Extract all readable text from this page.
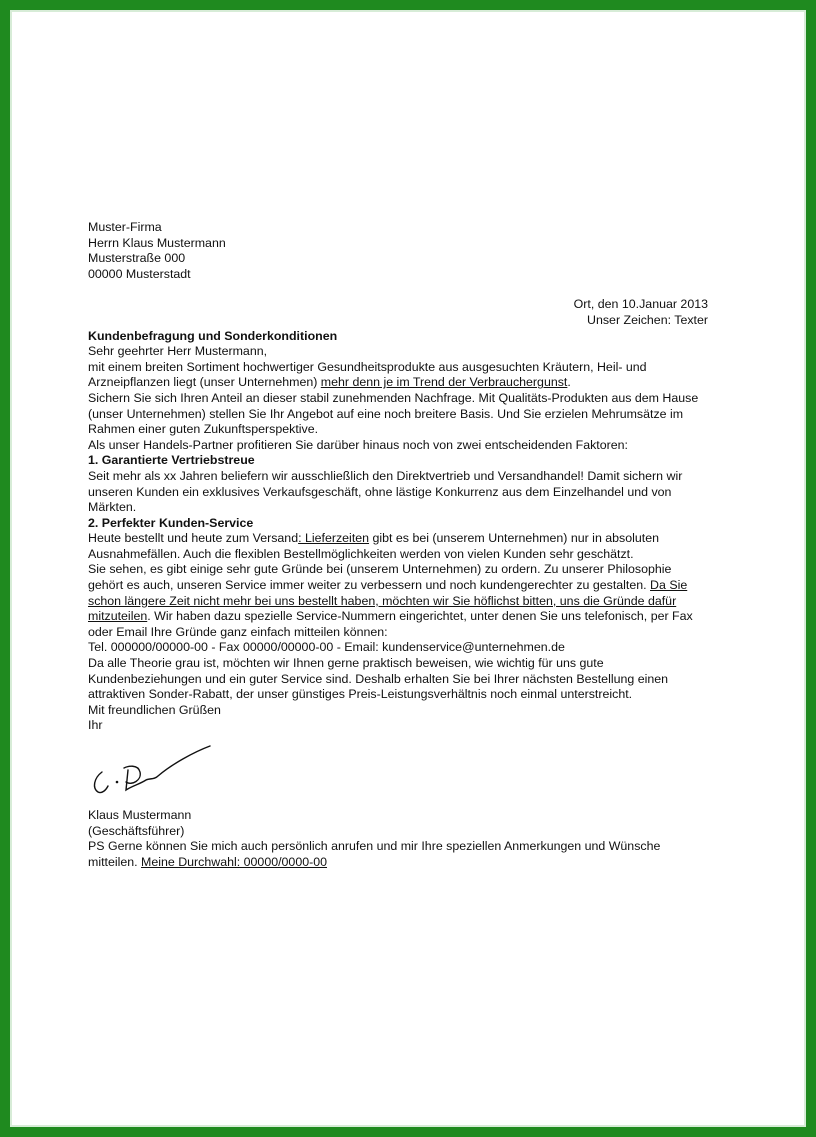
Muster-Firma

Herrn Klaus Mustermann

Musterstraße 000

00000 Musterstadt

Ort, den 10.Januar 2013

Unser Zeichen: Texter

Kundenbefragung und Sonderkonditionen

Sehr geehrter Herr Mustermann,

mit einem breiten Sortiment hochwertiger Gesundheitsprodukte aus ausgesuchten Kräutern, Heil- und Arzneipflanzen liegt (unser Unternehmen) mehr denn je im Trend der Verbrauchergunst.

Sichern Sie sich Ihren Anteil an dieser stabil zunehmenden Nachfrage. Mit Qualitäts-Produkten aus dem Hause (unser Unternehmen) stellen Sie Ihr Angebot auf eine noch breitere Basis. Und Sie erzielen Mehrumsätze im Rahmen einer guten Zukunftsperspektive.

Als unser Handels-Partner profitieren Sie darüber hinaus noch von zwei entscheidenden Faktoren:

1. Garantierte Vertriebstreue

Seit mehr als xx Jahren beliefern wir ausschließlich den Direktvertrieb und Versandhandel! Damit sichern wir unseren Kunden ein exklusives Verkaufsgeschäft, ohne lästige Konkurrenz aus dem Einzelhandel und von Märkten.

2. Perfekter Kunden-Service

Heute bestellt und heute zum Versand: Lieferzeiten gibt es bei (unserem Unternehmen) nur in absoluten Ausnahmefällen. Auch die flexiblen Bestellmöglichkeiten werden von vielen Kunden sehr geschätzt.

Sie sehen, es gibt einige sehr gute Gründe bei (unserem Unternehmen) zu ordern. Zu unserer Philosophie gehört es auch, unseren Service immer weiter zu verbessern und noch kundengerechter zu gestalten. Da Sie schon längere Zeit nicht mehr bei uns bestellt haben, möchten wir Sie höflichst bitten, uns die Gründe dafür mitzuteilen. Wir haben dazu spezielle Service-Nummern eingerichtet, unter denen Sie uns telefonisch, per Fax oder Email Ihre Gründe ganz einfach mitteilen können:

Tel. 000000/00000-00 - Fax 00000/00000-00 - Email: kundenservice@unternehmen.de

Da alle Theorie grau ist, möchten wir Ihnen gerne praktisch beweisen, wie wichtig für uns gute Kundenbeziehungen und ein guter Service sind. Deshalb erhalten Sie bei Ihrer nächsten Bestellung einen attraktiven Sonder-Rabatt, der unser günstiges Preis-Leistungsverhältnis noch einmal unterstreicht.

Mit freundlichen Grüßen

Ihr

Klaus Mustermann

(Geschäftsführer)

PS Gerne können Sie mich auch persönlich anrufen und mir Ihre speziellen Anmerkungen und Wünsche mitteilen. Meine Durchwahl: 00000/0000-00
